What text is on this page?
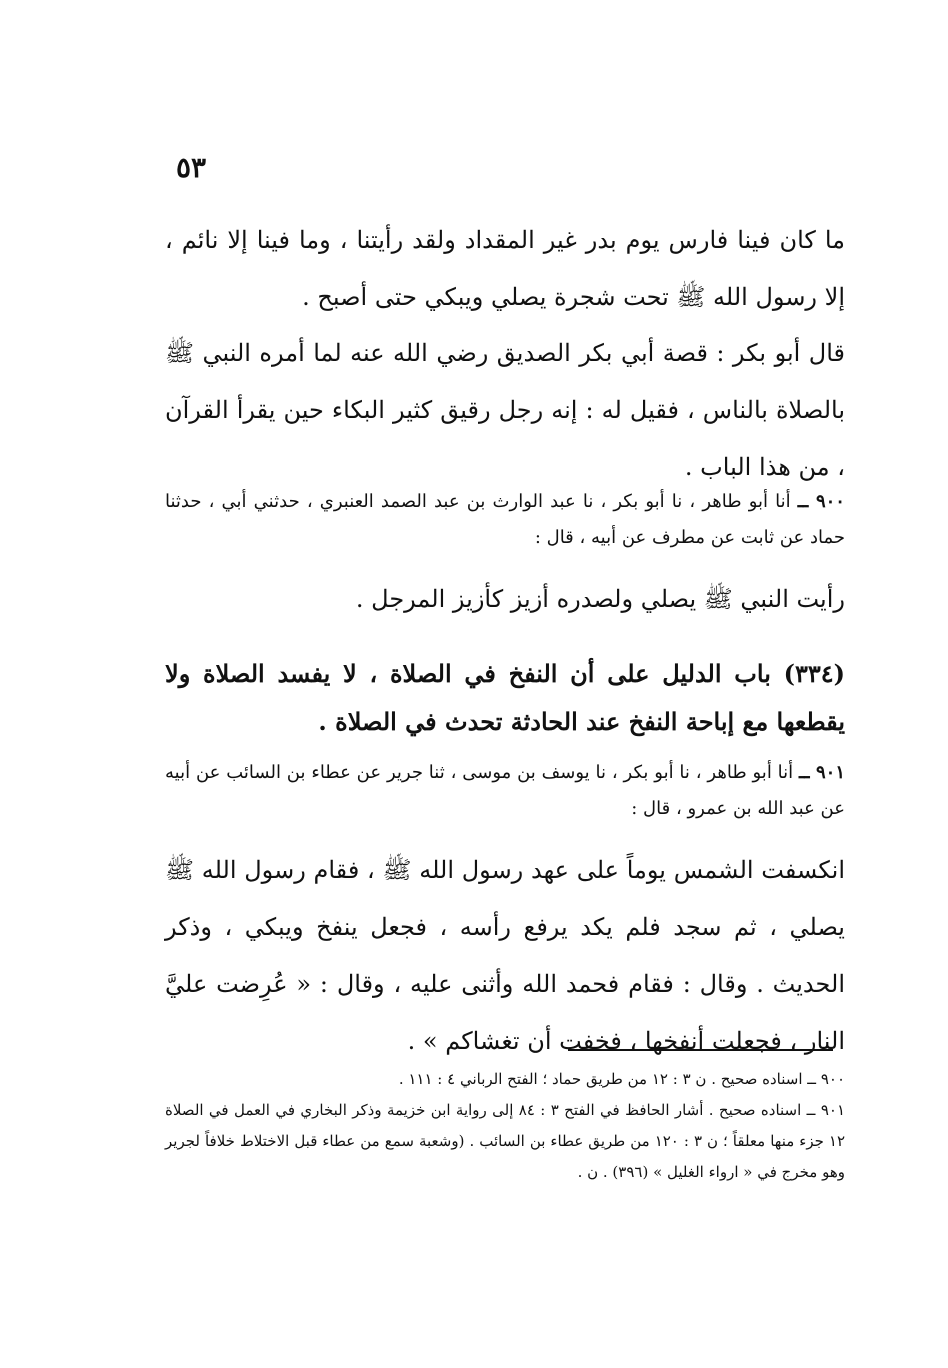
٥٣
ما كان فينا فارس يوم بدر غير المقداد ولقد رأيتنا ، وما فينا إلا نائم ، إلا رسول الله ﷺ تحت شجرة يصلي ويبكي حتى أصبح .
قال أبو بكر : قصة أبي بكر الصديق رضي الله عنه لما أمره النبي ﷺ بالصلاة بالناس ، فقيل له : إنه رجل رقيق كثير البكاء حين يقرأ القرآن ، من هذا الباب .
٩٠٠ ــ أنا أبو طاهر ، نا أبو بكر ، نا عبد الوارث بن عبد الصمد العنبري ، حدثني أبي ، حدثنا حماد عن ثابت عن مطرف عن أبيه ، قال :
رأيت النبي ﷺ يصلي ولصدره أزيز كأزيز المرجل .
(٣٣٤) باب الدليل على أن النفخ في الصلاة ، لا يفسد الصلاة ولا يقطعها مع إباحة النفخ عند الحادثة تحدث في الصلاة .
٩٠١ ــ أنا أبو طاهر ، نا أبو بكر ، نا يوسف بن موسى ، ثنا جرير عن عطاء بن السائب عن أبيه عن عبد الله بن عمرو ، قال :
انكسفت الشمس يوماً على عهد رسول الله ﷺ ، فقام رسول الله ﷺ يصلي ، ثم سجد فلم يكد يرفع رأسه ، فجعل ينفخ ويبكي ، وذكر الحديث . وقال : فقام فحمد الله وأثنى عليه ، وقال : « عُرِضت عليَّ النار ، فجعلت أنفخها ، فخفت أن تغشاكم » .
٩٠٠ ــ اسناده صحيح . ن ٣ : ١٢ من طريق حماد ؛ الفتح الرباني ٤ : ١١١ .
٩٠١ ــ اسناده صحيح . أشار الحافظ في الفتح ٣ : ٨٤ إلى رواية ابن خزيمة وذكر البخاري في العمل في الصلاة ١٢ جزء منها معلقاً ؛ ن ٣ : ١٢٠ من طريق عطاء بن السائب . (وشعبة سمع من عطاء قبل الاختلاط خلافاً لجرير وهو مخرج في « ارواء الغليل » (٣٩٦) . ن .
